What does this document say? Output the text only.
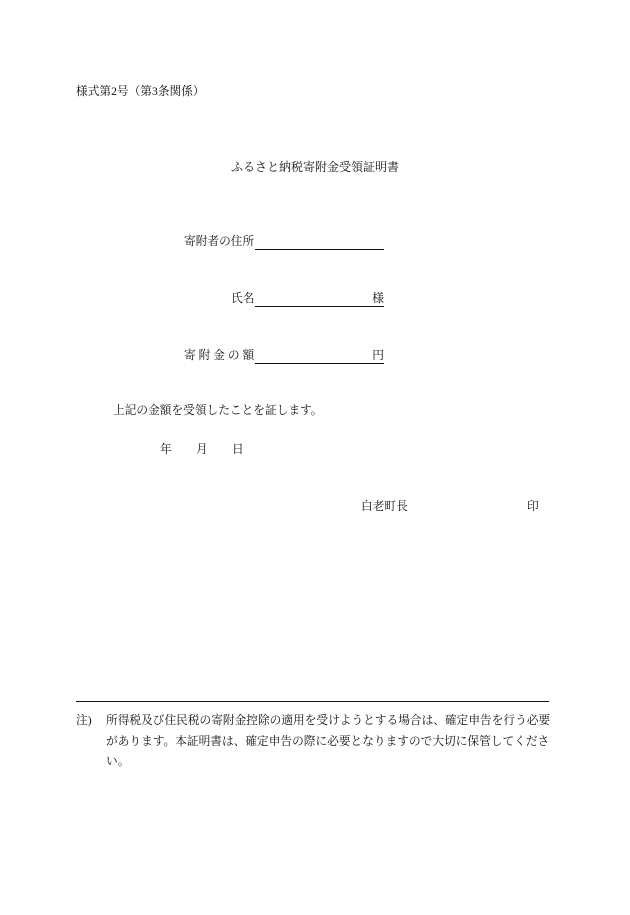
様式第2号（第3条関係）
ふるさと納税寄附金受領証明書
寄附者の住所
氏名	様
寄 附 金 の 額	円
上記の金額を受領したことを証します。
年 月 日
白老町長	印
注) 所得税及び住民税の寄附金控除の適用を受けようとする場合は、確定申告を行う必要
があります。本証明書は、確定申告の際に必要となりますので大切に保管してくださ
い。
